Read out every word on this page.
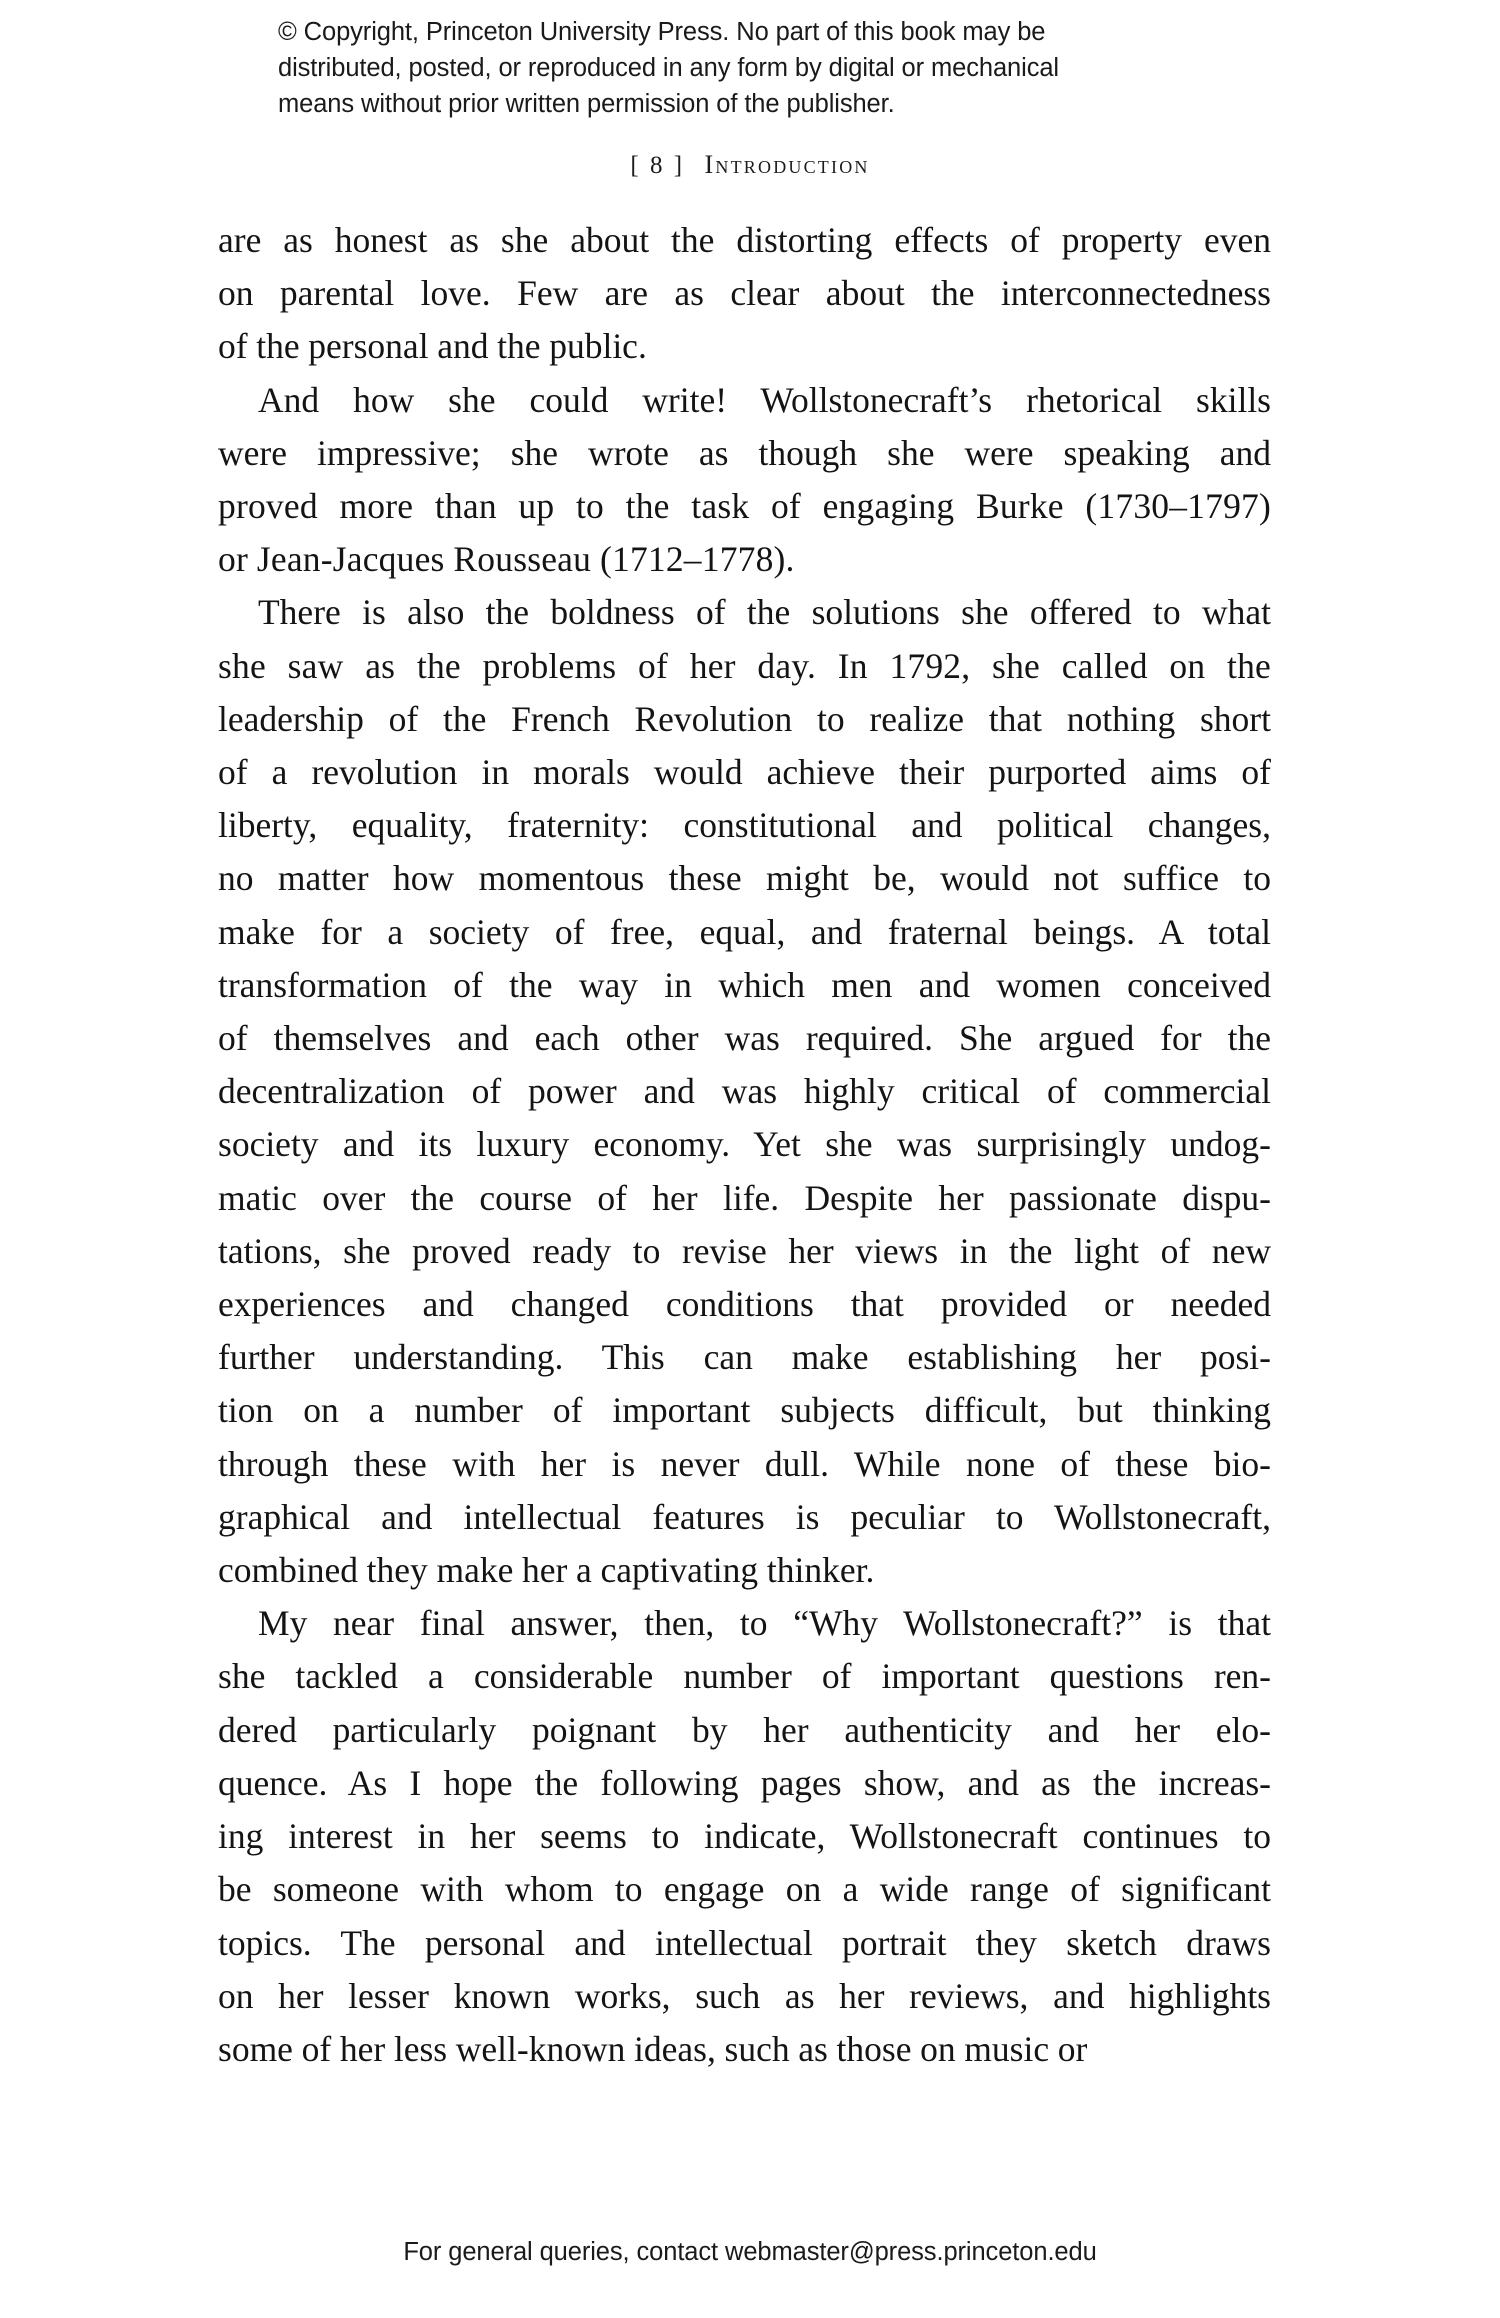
© Copyright, Princeton University Press. No part of this book may be
distributed, posted, or reproduced in any form by digital or mechanical
means without prior written permission of the publisher.
[ 8 ] Introduction

are as honest as she about the distorting effects of property even
on parental love. Few are as clear about the interconnectedness
of the personal and the public.

And how she could write! Wollstonecraft’s rhetorical skills
were impressive; she wrote as though she were speaking and
proved more than up to the task of engaging Burke (1730–1797)
or Jean-Jacques Rousseau (1712–1778).

There is also the boldness of the solutions she offered to what
she saw as the problems of her day. In 1792, she called on the
leadership of the French Revolution to realize that nothing short
of a revolution in morals would achieve their purported aims of
liberty, equality, fraternity: constitutional and political changes,
no matter how momentous these might be, would not suffice to
make for a society of free, equal, and fraternal beings. A total
transformation of the way in which men and women conceived
of themselves and each other was required. She argued for the
decentralization of power and was highly critical of commercial
society and its luxury economy. Yet she was surprisingly undog-
matic over the course of her life. Despite her passionate dispu-
tations, she proved ready to revise her views in the light of new
experiences and changed conditions that provided or needed
further understanding. This can make establishing her posi-
tion on a number of important subjects difficult, but thinking
through these with her is never dull. While none of these bio-
graphical and intellectual features is peculiar to Wollstonecraft,
combined they make her a captivating thinker.

My near final answer, then, to “Why Wollstonecraft?” is that
she tackled a considerable number of important questions ren-
dered particularly poignant by her authenticity and her elo-
quence. As I hope the following pages show, and as the increas-
ing interest in her seems to indicate, Wollstonecraft continues to
be someone with whom to engage on a wide range of significant
topics. The personal and intellectual portrait they sketch draws
on her lesser known works, such as her reviews, and highlights
some of her less well-known ideas, such as those on music or

For general queries, contact webmaster@press.princeton.edu
